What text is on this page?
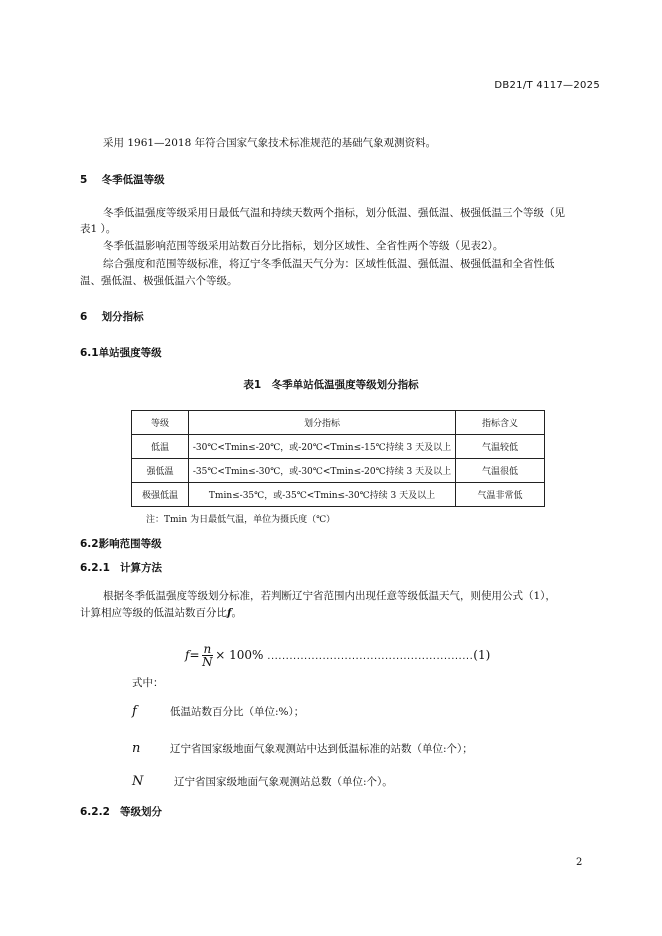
DB21/T 4117—2025
采用 1961—2018 年符合国家气象技术标准规范的基础气象观测资料。
5 冬季低温等级
冬季低温强度等级采用日最低气温和持续天数两个指标，划分低温、强低温、极强低温三个等级（见
表1 ）。
冬季低温影响范围等级采用站数百分比指标，划分区域性、全省性两个等级（见表2）。
综合强度和范围等级标准，将辽宁冬季低温天气分为：区域性低温、强低温、极强低温和全省性低
温、强低温、极强低温六个等级。
6 划分指标
6.1单站强度等级
表1　冬季单站低温强度等级划分指标
等级	划分指标	指标含义
低温	-30℃<Tmin≤-20℃，或-20℃<Tmin≤-15℃持续 3 天及以上	气温较低
强低温	-35℃<Tmin≤-30℃，或-30℃<Tmin≤-20℃持续 3 天及以上	气温很低
极强低温	Tmin≤-35℃，或-35℃<Tmin≤-30℃持续 3 天及以上	气温非常低
注：Tmin 为日最低气温，单位为摄氏度（℃）
6.2影响范围等级
6.2.1 计算方法
根据冬季低温强度等级划分标准，若判断辽宁省范围内出现任意等级低温天气，则使用公式（1），
计算相应等级的低温站数百分比f。
$f= \frac{n}{N} \times 100\%$ ........................................................(1)
式中：
f	低温站数百分比（单位:%）；
n	辽宁省国家级地面气象观测站中达到低温标准的站数（单位:个）；
N	辽宁省国家级地面气象观测站总数（单位:个）。
6.2.2 等级划分
2
